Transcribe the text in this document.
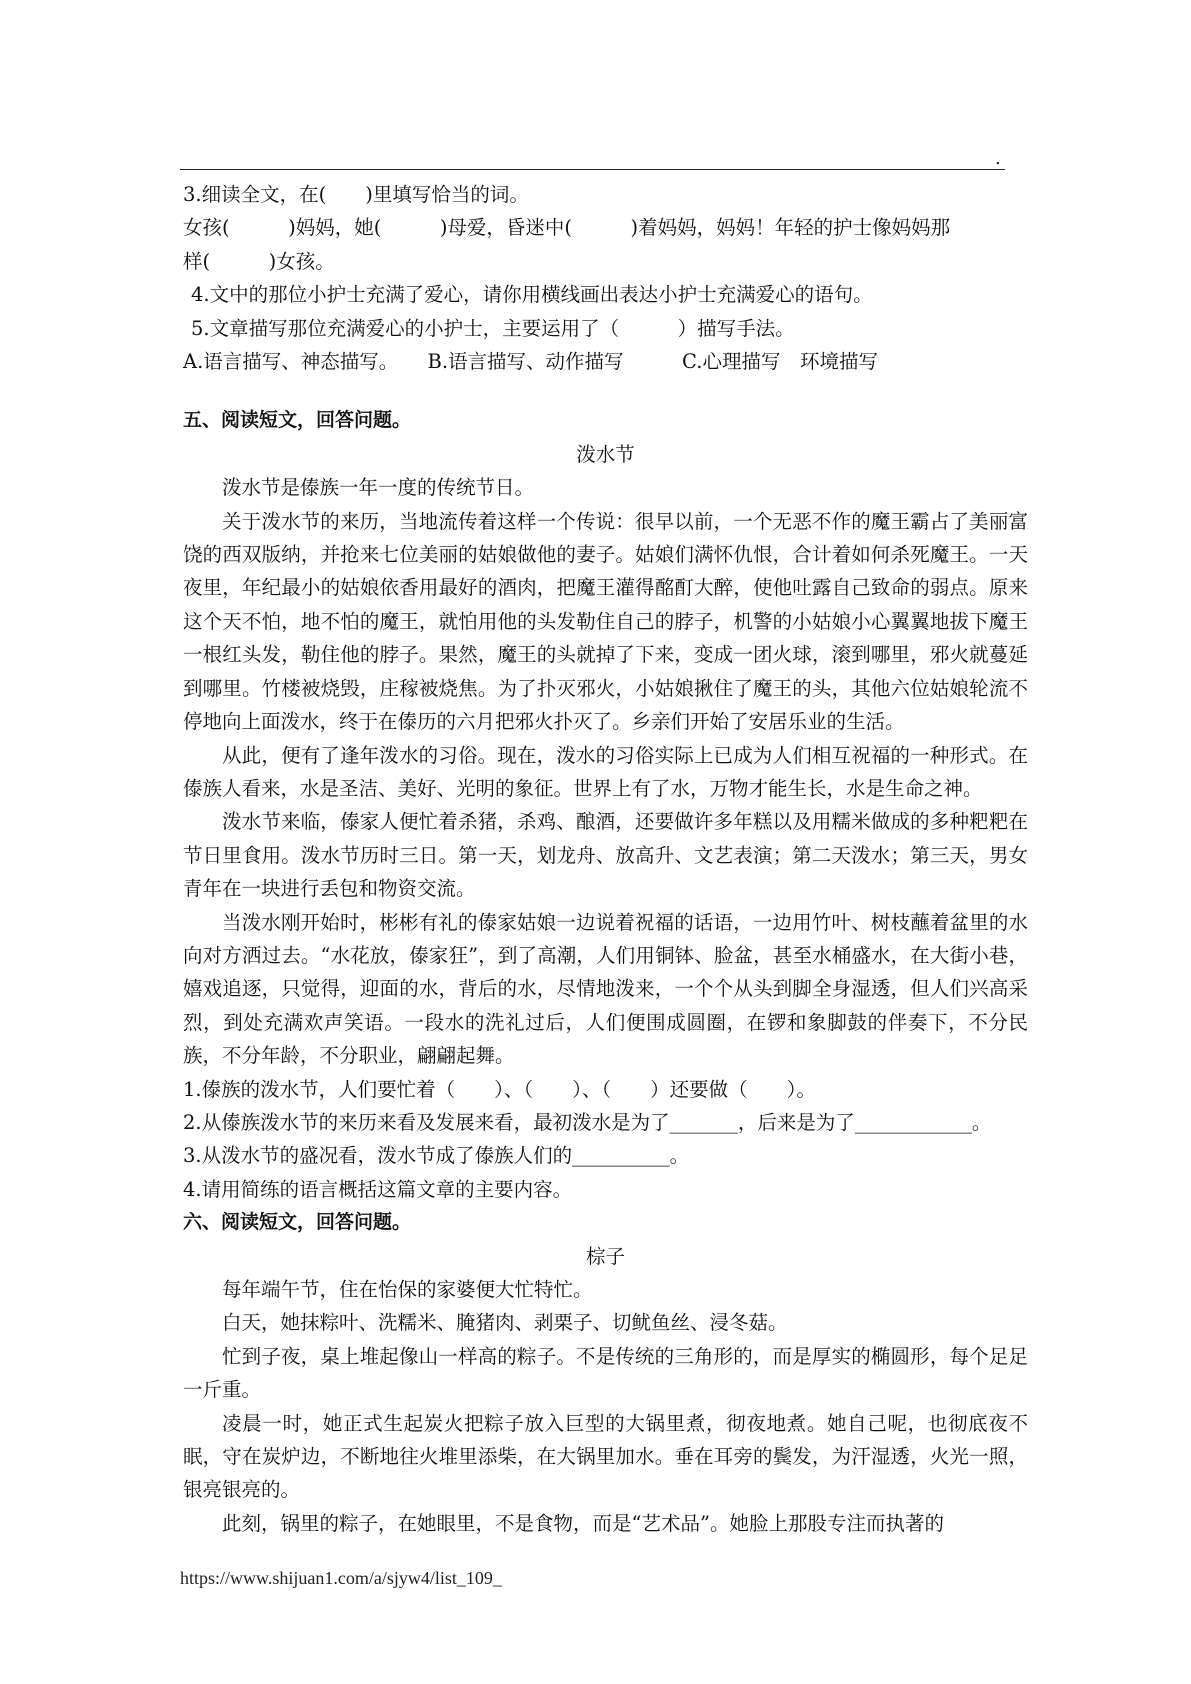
.

3.细读全文，在(　　)里填写恰当的词。

女孩(　　　)妈妈，她(　　　)母爱，昏迷中(　　　)着妈妈，妈妈！年轻的护士像妈妈那

样(　　　)女孩。

4.文中的那位小护士充满了爱心，请你用横线画出表达小护士充满爱心的语句。

5.文章描写那位充满爱心的小护士，主要运用了（　　　）描写手法。

A.语言描写、神态描写。　　B.语言描写、动作描写　　　C.心理描写　环境描写

五、阅读短文，回答问题。

泼水节

泼水节是傣族一年一度的传统节日。

关于泼水节的来历，当地流传着这样一个传说：很早以前，一个无恶不作的魔王霸占了美丽富饶的西双版纳，并抢来七位美丽的姑娘做他的妻子。姑娘们满怀仇恨，合计着如何杀死魔王。一天夜里，年纪最小的姑娘依香用最好的酒肉，把魔王灌得酩酊大醉，使他吐露自己致命的弱点。原来这个天不怕，地不怕的魔王，就怕用他的头发勒住自己的脖子，机警的小姑娘小心翼翼地拔下魔王一根红头发，勒住他的脖子。果然，魔王的头就掉了下来，变成一团火球，滚到哪里，邪火就蔓延到哪里。竹楼被烧毁，庄稼被烧焦。为了扑灭邪火，小姑娘揪住了魔王的头，其他六位姑娘轮流不停地向上面泼水，终于在傣历的六月把邪火扑灭了。乡亲们开始了安居乐业的生活。

从此，便有了逢年泼水的习俗。现在，泼水的习俗实际上已成为人们相互祝福的一种形式。在傣族人看来，水是圣洁、美好、光明的象征。世界上有了水，万物才能生长，水是生命之神。

泼水节来临，傣家人便忙着杀猪，杀鸡、酿酒，还要做许多年糕以及用糯米做成的多种粑粑在节日里食用。泼水节历时三日。第一天，划龙舟、放高升、文艺表演；第二天泼水；第三天，男女青年在一块进行丢包和物资交流。

当泼水刚开始时，彬彬有礼的傣家姑娘一边说着祝福的话语，一边用竹叶、树枝蘸着盆里的水向对方洒过去。“水花放，傣家狂”，到了高潮，人们用铜钵、脸盆，甚至水桶盛水，在大街小巷，嬉戏追逐，只觉得，迎面的水，背后的水，尽情地泼来，一个个从头到脚全身湿透，但人们兴高采烈，到处充满欢声笑语。一段水的洗礼过后，人们便围成圆圈，在锣和象脚鼓的伴奏下，不分民族，不分年龄，不分职业，翩翩起舞。

1.傣族的泼水节，人们要忙着（　　）、（　　）、（　　）还要做（　　）。

2.从傣族泼水节的来历来看及发展来看，最初泼水是为了_______，后来是为了____________。

3.从泼水节的盛况看，泼水节成了傣族人们的__________。

4.请用简练的语言概括这篇文章的主要内容。

六、阅读短文，回答问题。

棕子

每年端午节，住在怡保的家婆便大忙特忙。

白天，她抹粽叶、洗糯米、腌猪肉、剥栗子、切鱿鱼丝、浸冬菇。

忙到子夜，桌上堆起像山一样高的粽子。不是传统的三角形的，而是厚实的椭圆形，每个足足一斤重。

凌晨一时，她正式生起炭火把粽子放入巨型的大锅里煮，彻夜地煮。她自己呢，也彻底夜不眠，守在炭炉边，不断地往火堆里添柴，在大锅里加水。垂在耳旁的鬓发，为汗湿透，火光一照，银亮银亮的。

此刻，锅里的粽子，在她眼里，不是食物，而是“艺术品”。她脸上那股专注而执著的

https://www.shijuan1.com/a/sjyw4/list_109_
